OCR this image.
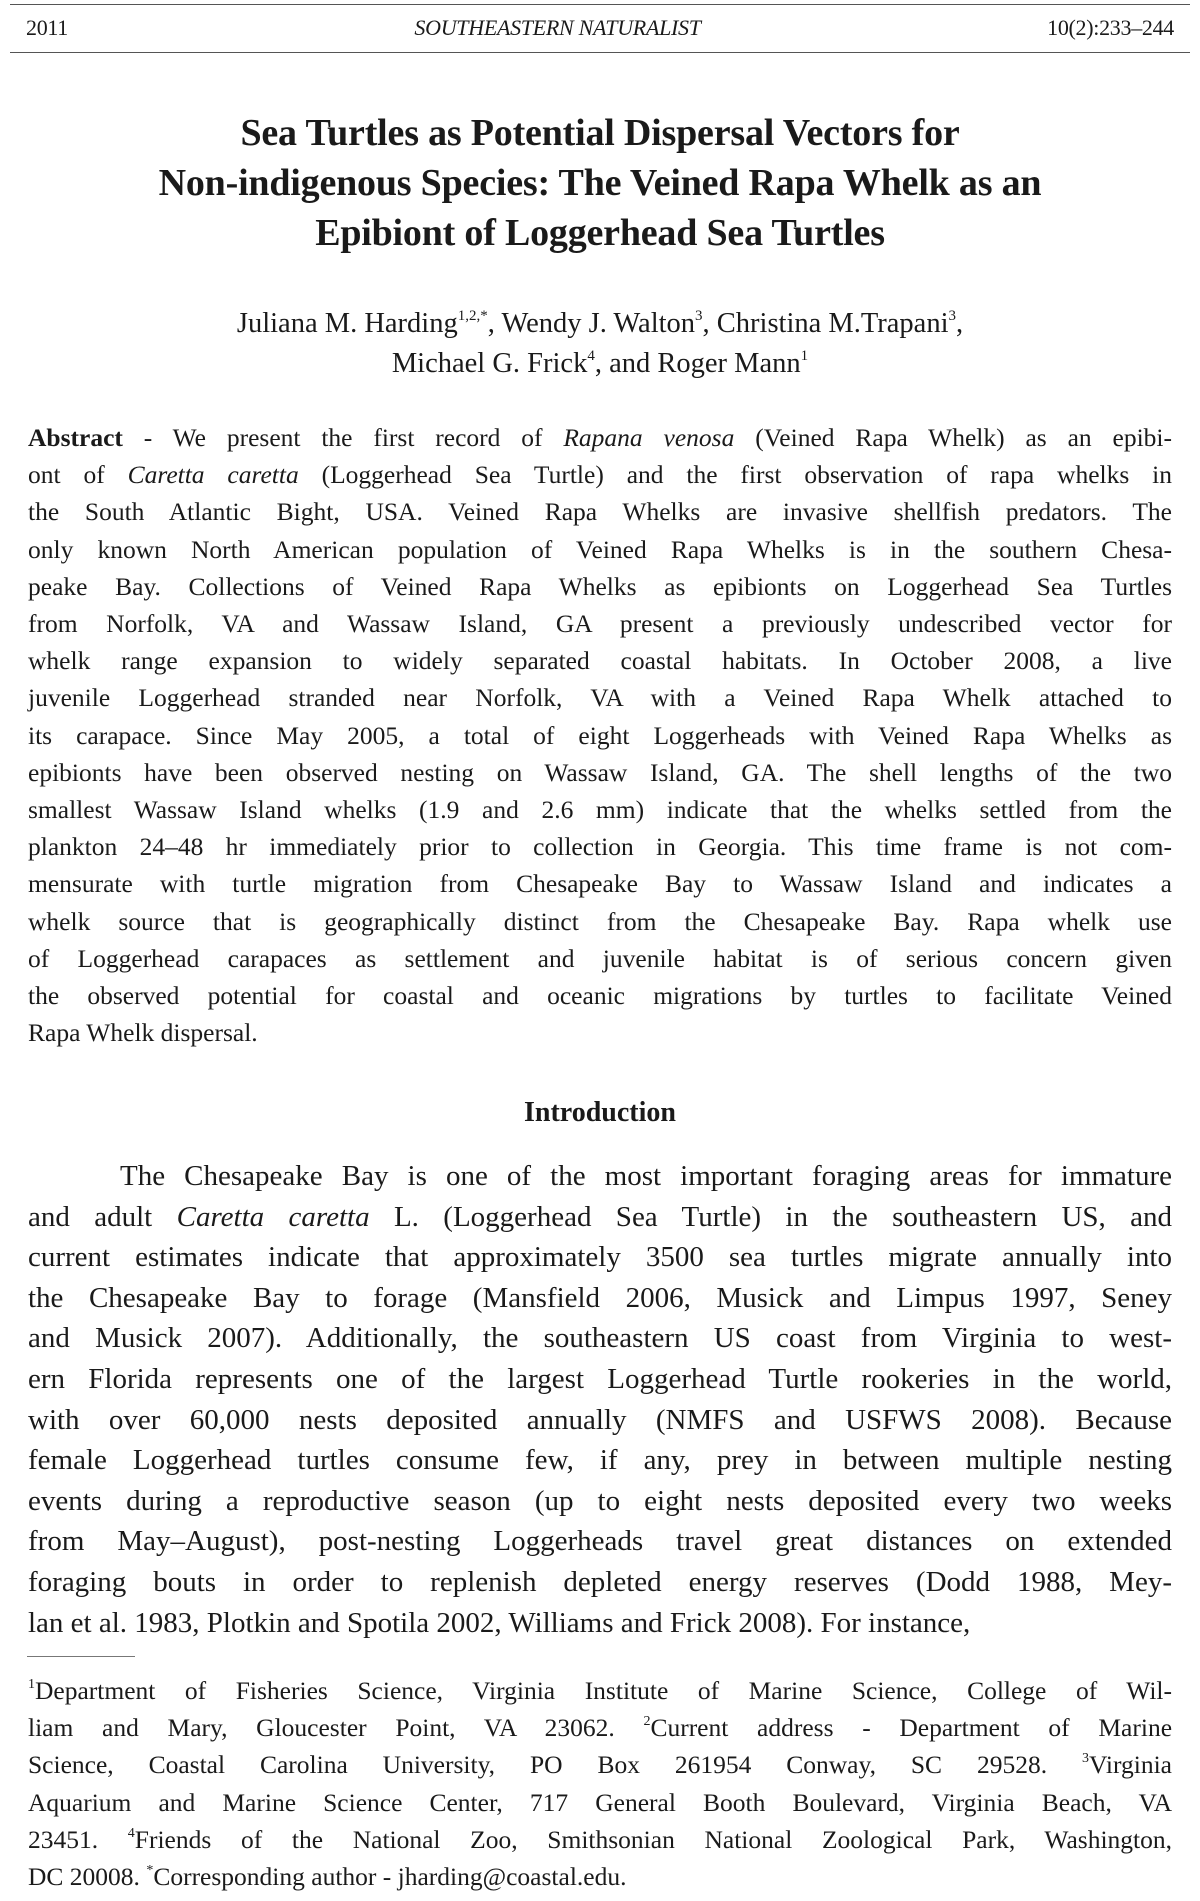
2011	SOUTHEASTERN NATURALIST	10(2):233–244
Sea Turtles as Potential Dispersal Vectors for
Non-indigenous Species: The Veined Rapa Whelk as an
Epibiont of Loggerhead Sea Turtles
Juliana M. Harding$^{1,2,*}$, Wendy J. Walton$^3$, Christina M.Trapani$^3$,
Michael G. Frick$^4$, and Roger Mann$^1$
Abstract - We present the first record of Rapana venosa (Veined Rapa Whelk) as an epibi-
ont of Caretta caretta (Loggerhead Sea Turtle) and the first observation of rapa whelks in
the South Atlantic Bight, USA. Veined Rapa Whelks are invasive shellfish predators. The
only known North American population of Veined Rapa Whelks is in the southern Chesa-
peake Bay. Collections of Veined Rapa Whelks as epibionts on Loggerhead Sea Turtles
from Norfolk, VA and Wassaw Island, GA present a previously undescribed vector for
whelk range expansion to widely separated coastal habitats. In October 2008, a live
juvenile Loggerhead stranded near Norfolk, VA with a Veined Rapa Whelk attached to
its carapace. Since May 2005, a total of eight Loggerheads with Veined Rapa Whelks as
epibionts have been observed nesting on Wassaw Island, GA. The shell lengths of the two
smallest Wassaw Island whelks (1.9 and 2.6 mm) indicate that the whelks settled from the
plankton 24–48 hr immediately prior to collection in Georgia. This time frame is not com-
mensurate with turtle migration from Chesapeake Bay to Wassaw Island and indicates a
whelk source that is geographically distinct from the Chesapeake Bay. Rapa whelk use
of Loggerhead carapaces as settlement and juvenile habitat is of serious concern given
the observed potential for coastal and oceanic migrations by turtles to facilitate Veined
Rapa Whelk dispersal.
Introduction
The Chesapeake Bay is one of the most important foraging areas for immature
and adult Caretta caretta L. (Loggerhead Sea Turtle) in the southeastern US, and
current estimates indicate that approximately 3500 sea turtles migrate annually into
the Chesapeake Bay to forage (Mansfield 2006, Musick and Limpus 1997, Seney
and Musick 2007). Additionally, the southeastern US coast from Virginia to west-
ern Florida represents one of the largest Loggerhead Turtle rookeries in the world,
with over 60,000 nests deposited annually (NMFS and USFWS 2008). Because
female Loggerhead turtles consume few, if any, prey in between multiple nesting
events during a reproductive season (up to eight nests deposited every two weeks
from May–August), post-nesting Loggerheads travel great distances on extended
foraging bouts in order to replenish depleted energy reserves (Dodd 1988, Mey-
lan et al. 1983, Plotkin and Spotila 2002, Williams and Frick 2008). For instance,
$^1$Department of Fisheries Science, Virginia Institute of Marine Science, College of Wil-
liam and Mary, Gloucester Point, VA 23062. $^2$Current address - Department of Marine
Science, Coastal Carolina University, PO Box 261954 Conway, SC 29528. $^3$Virginia
Aquarium and Marine Science Center, 717 General Booth Boulevard, Virginia Beach, VA
23451. $^4$Friends of the National Zoo, Smithsonian National Zoological Park, Washington,
DC 20008. *Corresponding author - jharding@coastal.edu.
